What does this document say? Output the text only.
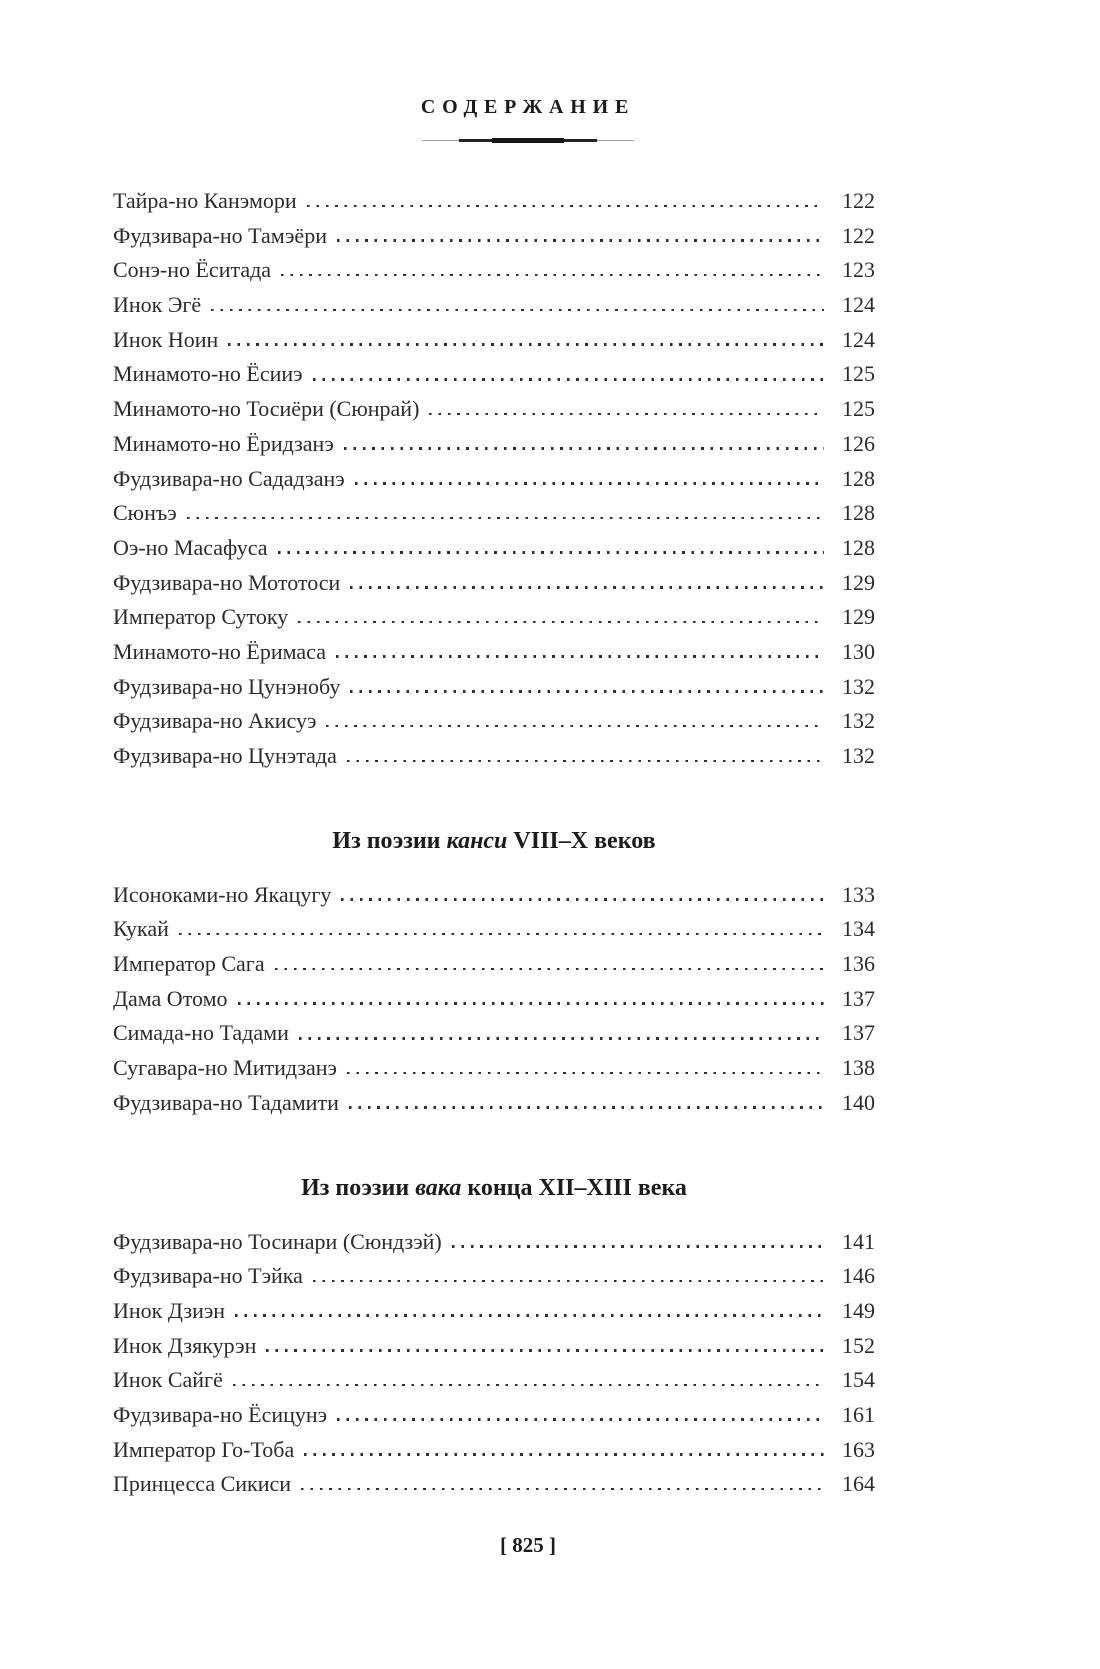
СОДЕРЖАНИЕ
Тайра-но Канэмори	122
Фудзивара-но Тамэёри	122
Сонэ-но Ёситада	123
Инок Эгё	124
Инок Ноин	124
Минамото-но Ёсииэ	125
Минамото-но Тосиёри (Сюнрай)	125
Минамото-но Ёридзанэ	126
Фудзивара-но Сададзанэ	128
Сюнъэ	128
Оэ-но Масафуса	128
Фудзивара-но Мототоси	129
Император Сутоку	129
Минамото-но Ёримаса	130
Фудзивара-но Цунэнобу	132
Фудзивара-но Акисуэ	132
Фудзивара-но Цунэтада	132
Из поэзии канси VIII–X веков
Исоноками-но Якацугу	133
Кукай	134
Император Сага	136
Дама Отомо	137
Симада-но Тадами	137
Сугавара-но Митидзанэ	138
Фудзивара-но Тадамити	140
Из поэзии вака конца XII–XIII века
Фудзивара-но Тосинари (Сюндзэй)	141
Фудзивара-но Тэйка	146
Инок Дзиэн	149
Инок Дзякурэн	152
Инок Сайгё	154
Фудзивара-но Ёсицунэ	161
Император Го-Тоба	163
Принцесса Сикиси	164
[ 825 ]
